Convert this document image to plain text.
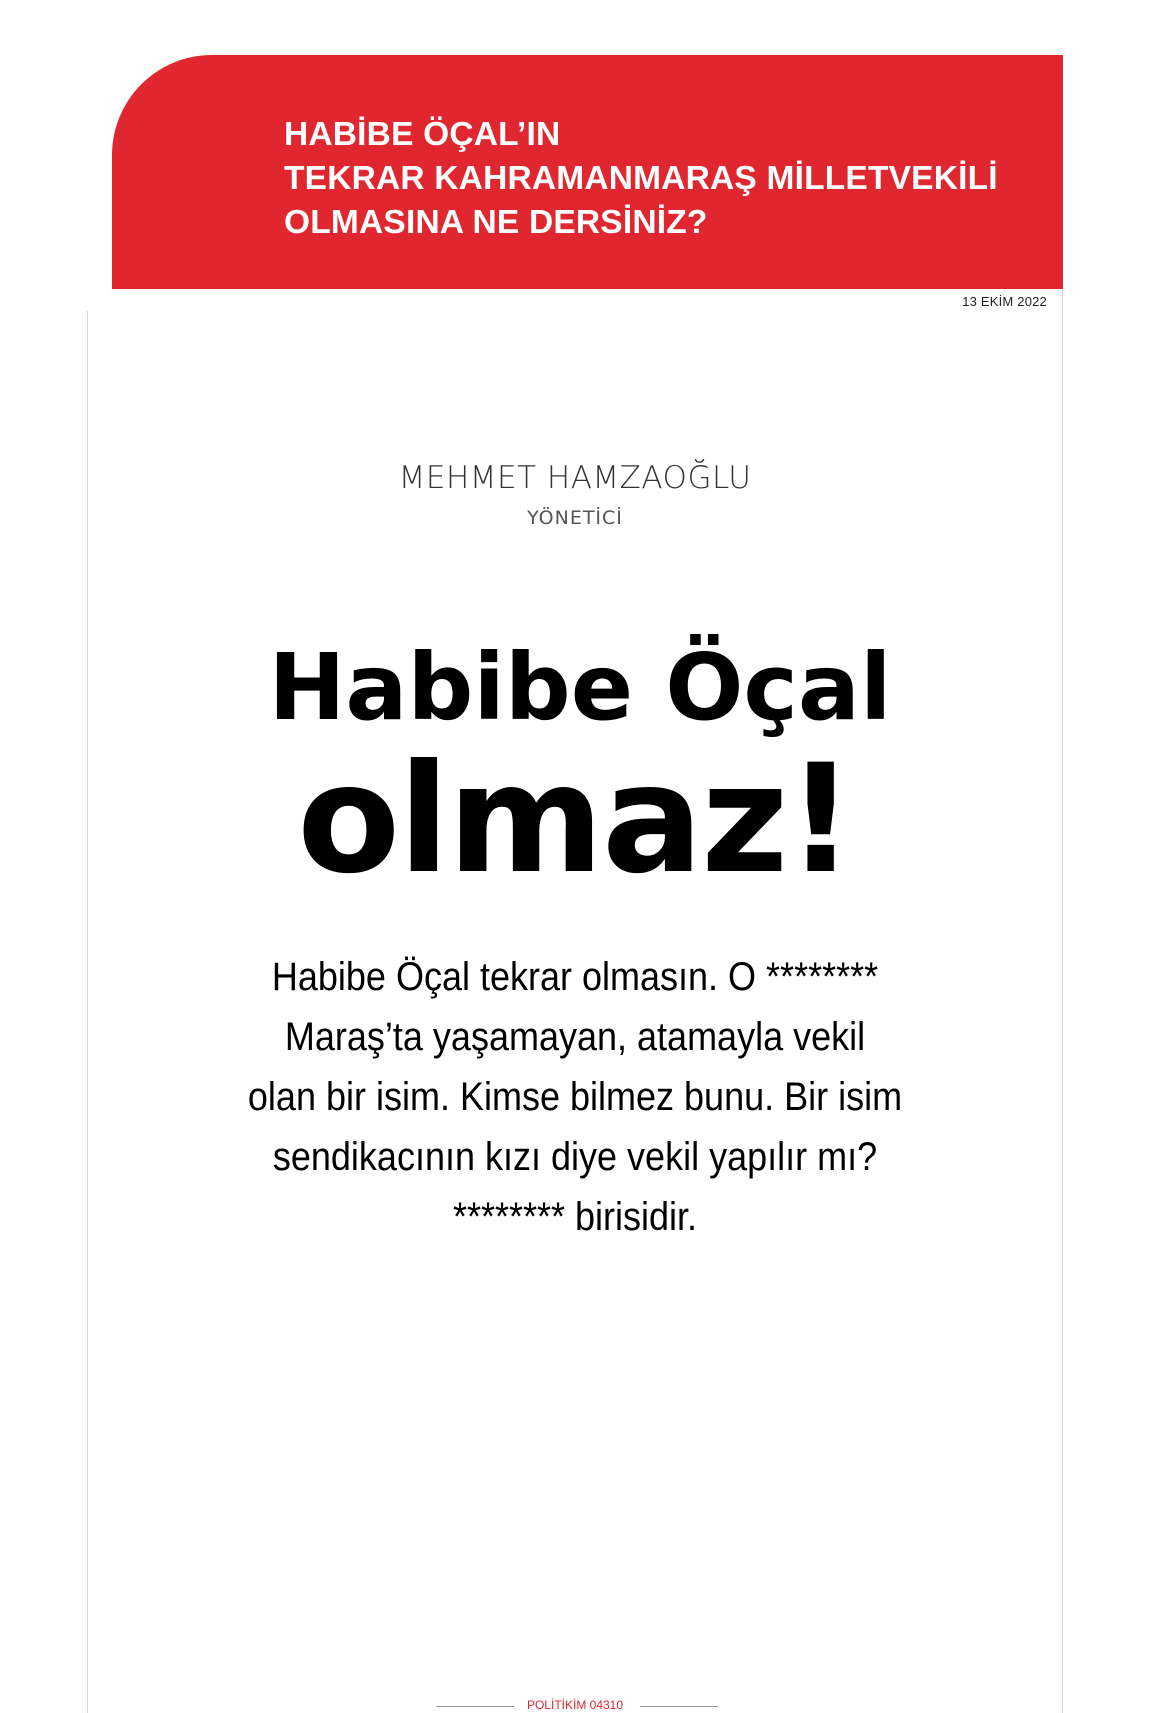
HABİBE ÖÇAL’IN
TEKRAR KAHRAMANMARAŞ MİLLETVEKİLİ
OLMASINA NE DERSİNİZ?
13 EKİM 2022
MEHMET HAMZAOĞLU
YÖNETİCİ
Habibe Öçal
olmaz!
Habibe Öçal tekrar olmasın. O ********
Maraş’ta yaşamayan, atamayla vekil
olan bir isim. Kimse bilmez bunu. Bir isim
sendikacının kızı diye vekil yapılır mı?
******** birisidir.
POLİTİKİM 04310
